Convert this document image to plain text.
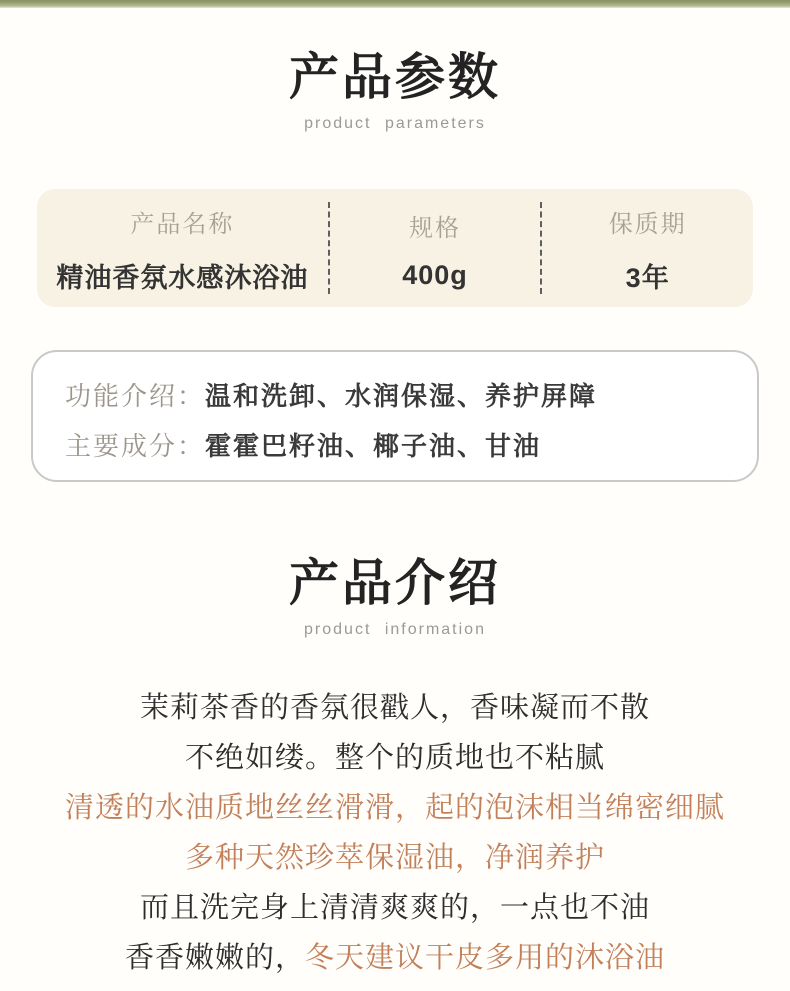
产品参数
product parameters
产品名称
精油香氛水感沐浴油
规格
400g
保质期
3年
功能介绍：温和洗卸、水润保湿、养护屏障
主要成分：霍霍巴籽油、椰子油、甘油
产品介绍
product information

茉莉茶香的香氛很戳人，香味凝而不散

不绝如缕。整个的质地也不粘腻

清透的水油质地丝丝滑滑，起的泡沫相当绵密细腻

多种天然珍萃保湿油，净润养护

而且洗完身上清清爽爽的，一点也不油

香香嫩嫩的，冬天建议干皮多用的沐浴油
